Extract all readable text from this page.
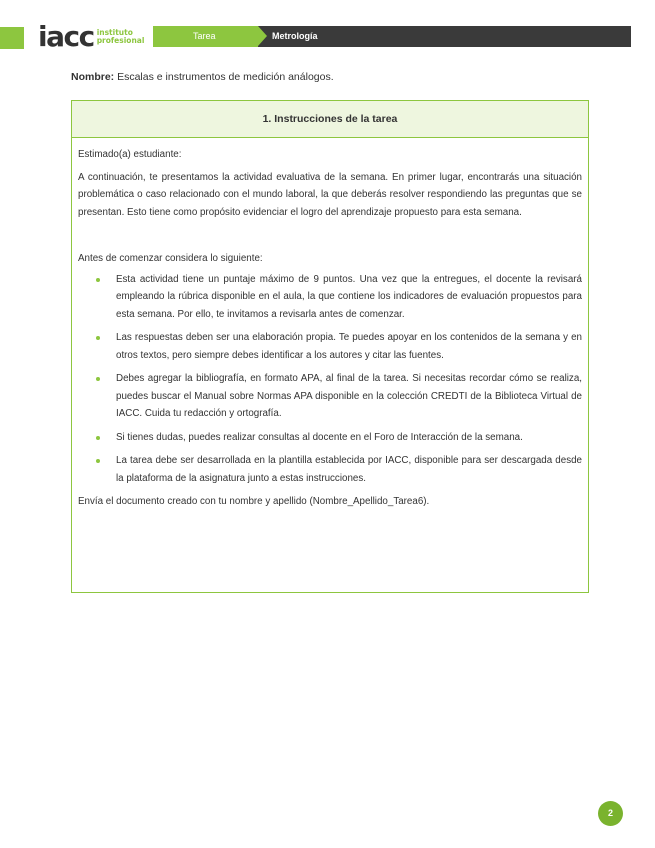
iacc instituto
profesional	Tarea	Metrología
Nombre: Escalas e instrumentos de medición análogos.
1. Instrucciones de la tarea

Estimado(a) estudiante:

A continuación, te presentamos la actividad evaluativa de la semana. En primer lugar, encontrarás una situación problemática o caso relacionado con el mundo laboral, la que deberás resolver respondiendo las preguntas que se presentan. Esto tiene como propósito evidenciar el logro del aprendizaje propuesto para esta semana.

Antes de comenzar considera lo siguiente:

Esta actividad tiene un puntaje máximo de 9 puntos. Una vez que la entregues, el docente la revisará empleando la rúbrica disponible en el aula, la que contiene los indicadores de evaluación propuestos para esta semana. Por ello, te invitamos a revisarla antes de comenzar.
Las respuestas deben ser una elaboración propia. Te puedes apoyar en los contenidos de la semana y en otros textos, pero siempre debes identificar a los autores y citar las fuentes.
Debes agregar la bibliografía, en formato APA, al final de la tarea. Si necesitas recordar cómo se realiza, puedes buscar el Manual sobre Normas APA disponible en la colección CREDTI de la Biblioteca Virtual de IACC. Cuida tu redacción y ortografía.
Si tienes dudas, puedes realizar consultas al docente en el Foro de Interacción de la semana.
La tarea debe ser desarrollada en la plantilla establecida por IACC, disponible para ser descargada desde la plataforma de la asignatura junto a estas instrucciones.

Envía el documento creado con tu nombre y apellido (Nombre_Apellido_Tarea6).

2
